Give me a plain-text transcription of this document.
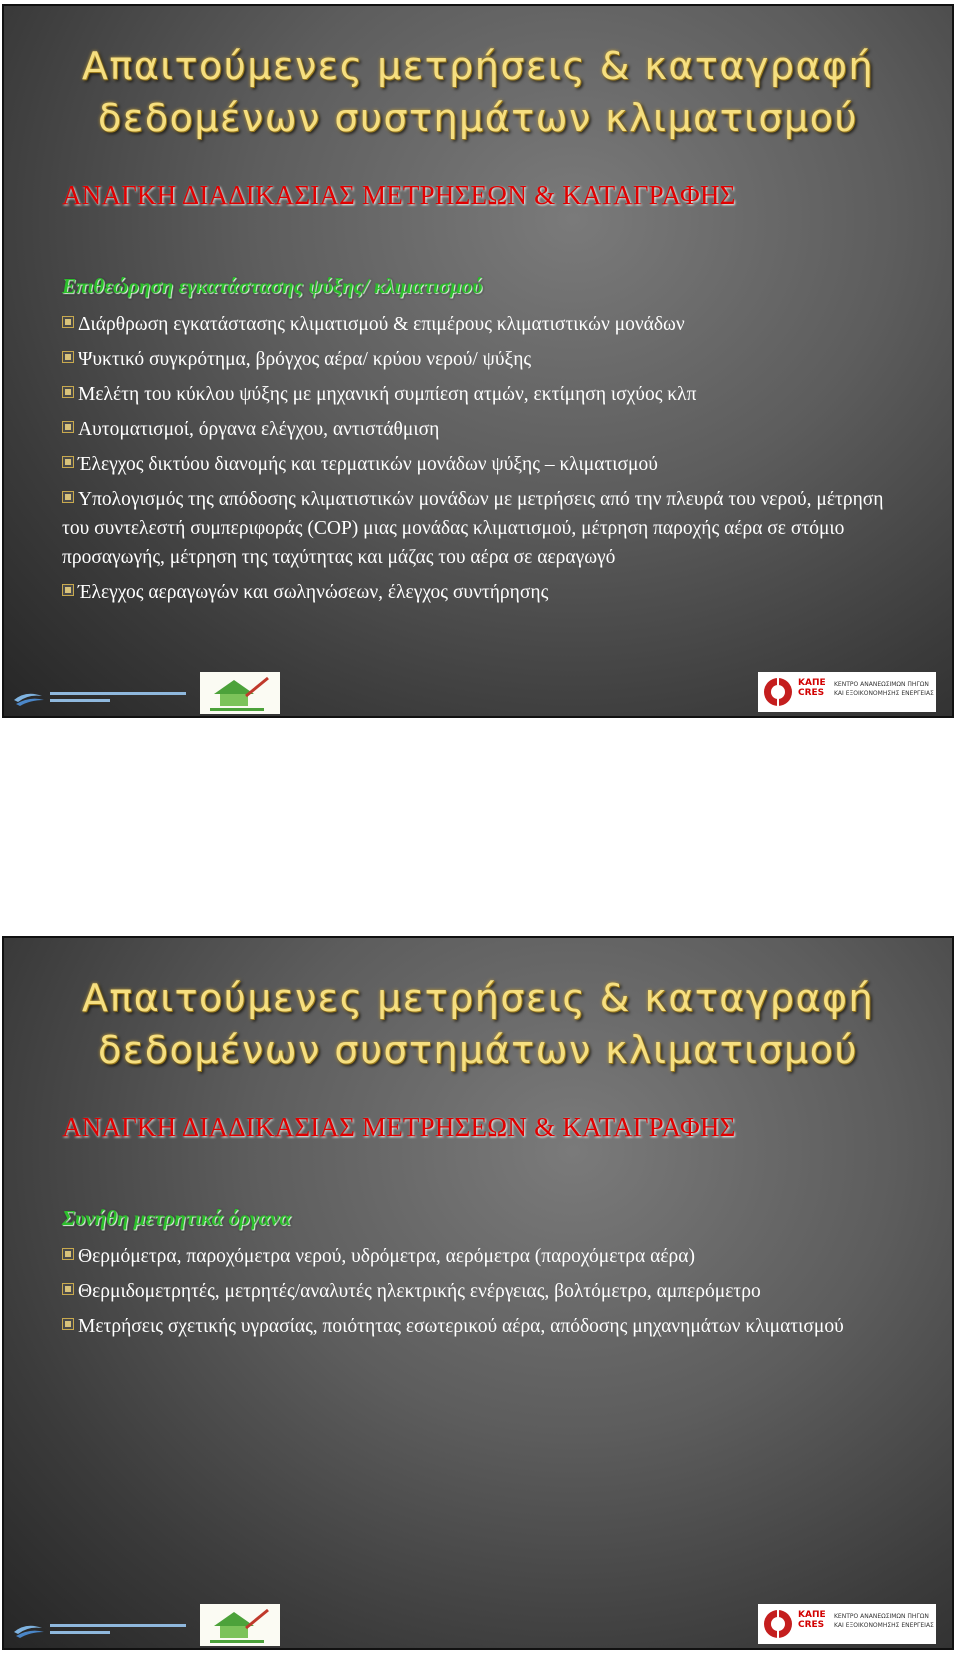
Απαιτούμενες μετρήσεις & καταγραφή
δεδομένων συστημάτων κλιματισμού
ΑΝΑΓΚΗ ΔΙΑΔΙΚΑΣΙΑΣ ΜΕΤΡΗΣΕΩΝ & ΚΑΤΑΓΡΑΦΗΣ
Επιθεώρηση εγκατάστασης ψύξης/ κλιματισμού
Διάρθρωση εγκατάστασης κλιματισμού & επιμέρους κλιματιστικών μονάδων
Ψυκτικό συγκρότημα, βρόγχος αέρα/ κρύου νερού/ ψύξης
Μελέτη του κύκλου ψύξης με μηχανική συμπίεση ατμών, εκτίμηση ισχύος κλπ
Αυτοματισμοί, όργανα ελέγχου, αντιστάθμιση
Έλεγχος δικτύου διανομής και τερματικών μονάδων ψύξης – κλιματισμού
Υπολογισμός της απόδοσης κλιματιστικών μονάδων με μετρήσεις από την πλευρά του νερού, μέτρηση του συντελεστή συμπεριφοράς (COP) μιας μονάδας κλιματισμού, μέτρηση παροχής αέρα σε στόμιο προσαγωγής, μέτρηση της ταχύτητας και μάζας του αέρα σε αεραγωγό
Έλεγχος αεραγωγών και σωληνώσεων, έλεγχος συντήρησης
ΚΑΠΕ
CRES
ΚΕΝΤΡΟ ΑΝΑΝΕΩΣΙΜΩΝ ΠΗΓΩΝ
ΚΑΙ ΕΞΟΙΚΟΝΟΜΗΣΗΣ ΕΝΕΡΓΕΙΑΣ
Απαιτούμενες μετρήσεις & καταγραφή
δεδομένων συστημάτων κλιματισμού
ΑΝΑΓΚΗ ΔΙΑΔΙΚΑΣΙΑΣ ΜΕΤΡΗΣΕΩΝ & ΚΑΤΑΓΡΑΦΗΣ
Συνήθη μετρητικά όργανα
Θερμόμετρα, παροχόμετρα νερού, υδρόμετρα, αερόμετρα (παροχόμετρα αέρα)
Θερμιδομετρητές, μετρητές/αναλυτές ηλεκτρικής ενέργειας, βολτόμετρο, αμπερόμετρο
Μετρήσεις σχετικής υγρασίας, ποιότητας εσωτερικού αέρα, απόδοσης μηχανημάτων κλιματισμού
ΚΑΠΕ
CRES
ΚΕΝΤΡΟ ΑΝΑΝΕΩΣΙΜΩΝ ΠΗΓΩΝ
ΚΑΙ ΕΞΟΙΚΟΝΟΜΗΣΗΣ ΕΝΕΡΓΕΙΑΣ
